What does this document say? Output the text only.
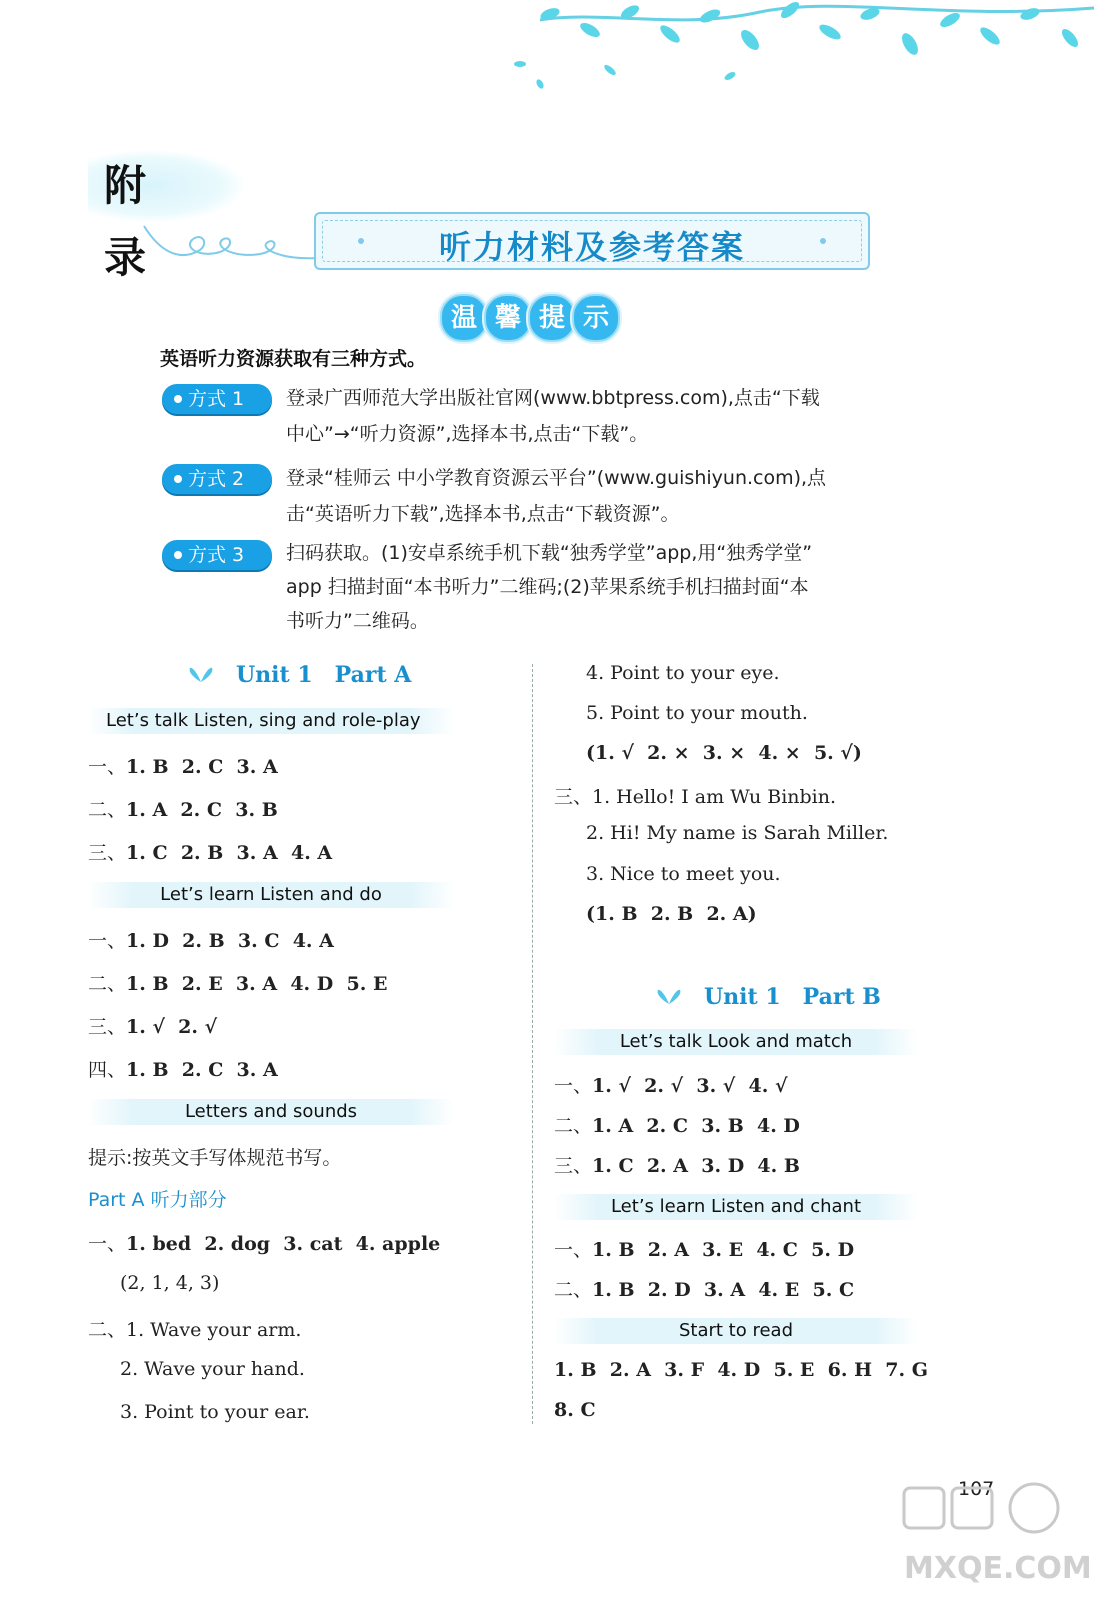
附 录	听力材料及参考答案
温 馨 提 示
英语听力资源获取有三种方式。
方式 1	登录广西师范大学出版社官网(www.bbtpress.com),点击“下载
中心”→“听力资源”,选择本书,点击“下载”。
方式 2	登录“桂师云 中小学教育资源云平台”(www.guishiyun.com),点
击“英语听力下载”,选择本书,点击“下载资源”。
方式 3	扫码获取。(1)安卓系统手机下载“独秀学堂”app,用“独秀学堂”
app 扫描封面“本书听力”二维码;(2)苹果系统手机扫描封面“本
书听力”二维码。
Unit 1 Part A
Let’s talk Listen, sing and role-play
一、1. B  2. C  3. A
二、1. A  2. C  3. B
三、1. C  2. B  3. A  4. A
Let’s learn Listen and do
一、1. D  2. B  3. C  4. A
二、1. B  2. E  3. A  4. D  5. E
三、1. √  2. √
四、1. B  2. C  3. A
Letters and sounds
提示:按英文手写体规范书写。
Part A 听力部分
一、1. bed  2. dog  3. cat  4. apple
(2, 1, 4, 3)
二、1. Wave your arm.
2. Wave your hand.
3. Point to your ear.
4. Point to your eye.
5. Point to your mouth.
(1. √  2. ×  3. ×  4. ×  5. √)
三、1. Hello! I am Wu Binbin.
2. Hi! My name is Sarah Miller.
3. Nice to meet you.
(1. B  2. B  2. A)
Unit 1 Part B
Let’s talk Look and match
一、1. √  2. √  3. √  4. √
二、1. A  2. C  3. B  4. D
三、1. C  2. A  3. D  4. B
Let’s learn Listen and chant
一、1. B  2. A  3. E  4. C  5. D
二、1. B  2. D  3. A  4. E  5. C
Start to read
1. B  2. A  3. F  4. D  5. E  6. H  7. G
8. C
107
MXQE.COM
